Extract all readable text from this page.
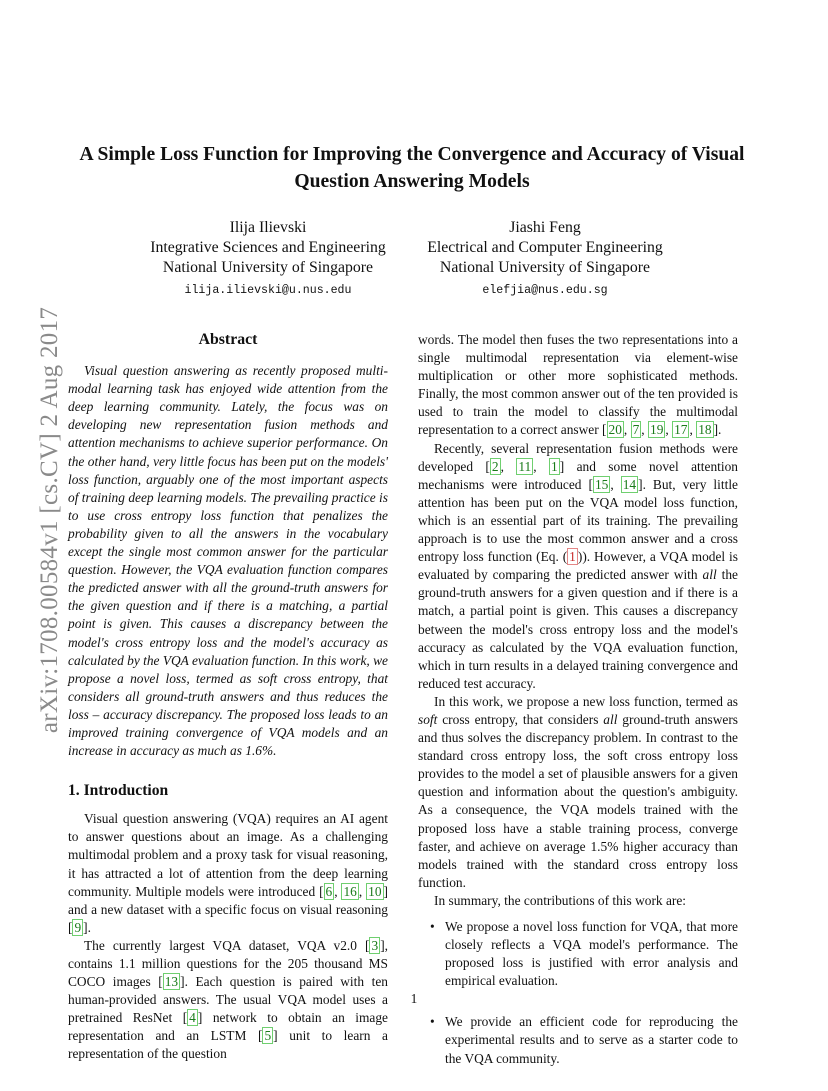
arXiv:1708.00584v1 [cs.CV] 2 Aug 2017
A Simple Loss Function for Improving the Convergence and Accuracy of Visual
Question Answering Models
Ilija Ilievski
Integrative Sciences and Engineering
National University of Singapore
ilija.ilievski@u.nus.edu
Jiashi Feng
Electrical and Computer Engineering
National University of Singapore
elefjia@nus.edu.sg
Abstract

Visual question answering as recently proposed multi-modal learning task has enjoyed wide attention from the deep learning community. Lately, the focus was on developing new representation fusion methods and attention mechanisms to achieve superior performance. On the other hand, very little focus has been put on the models' loss function, arguably one of the most important aspects of training deep learning models. The prevailing practice is to use cross entropy loss function that penalizes the probability given to all the answers in the vocabulary except the single most common answer for the particular question. However, the VQA evaluation function compares the predicted answer with all the ground-truth answers for the given question and if there is a matching, a partial point is given. This causes a discrepancy between the model's cross entropy loss and the model's accuracy as calculated by the VQA evaluation function. In this work, we propose a novel loss, termed as soft cross entropy, that considers all ground-truth answers and thus reduces the loss – accuracy discrepancy. The proposed loss leads to an improved training convergence of VQA models and an increase in accuracy as much as 1.6%.

1. Introduction

Visual question answering (VQA) requires an AI agent to answer questions about an image. As a challenging multimodal problem and a proxy task for visual reasoning, it has attracted a lot of attention from the deep learning community. Multiple models were introduced [ 6 , 16 , 10 ] and a new dataset with a specific focus on visual reasoning [ 9 ].

The currently largest VQA dataset, VQA v2.0 [ 3 ], contains 1.1 million questions for the 205 thousand MS COCO images [ 13 ]. Each question is paired with ten human-provided answers. The usual VQA model uses a pretrained ResNet [ 4 ] network to obtain an image representation and an LSTM [ 5 ] unit to learn a representation of the question

words. The model then fuses the two representations into a single multimodal representation via element-wise multiplication or other more sophisticated methods. Finally, the most common answer out of the ten provided is used to train the model to classify the multimodal representation to a correct answer [ 20 , 7 , 19 , 17 , 18 ].

Recently, several representation fusion methods were developed [ 2 , 11 , 1 ] and some novel attention mechanisms were introduced [ 15 , 14 ]. But, very little attention has been put on the VQA model loss function, which is an essential part of its training. The prevailing approach is to use the most common answer and a cross entropy loss function (Eq. ( 1 )). However, a VQA model is evaluated by comparing the predicted answer with all the ground-truth answers for a given question and if there is a match, a partial point is given. This causes a discrepancy between the model's cross entropy loss and the model's accuracy as calculated by the VQA evaluation function, which in turn results in a delayed training convergence and reduced test accuracy.

In this work, we propose a new loss function, termed as soft cross entropy, that considers all ground-truth answers and thus solves the discrepancy problem. In contrast to the standard cross entropy loss, the soft cross entropy loss provides to the model a set of plausible answers for a given question and information about the question's ambiguity. As a consequence, the VQA models trained with the proposed loss have a stable training process, converge faster, and achieve on average 1.5% higher accuracy than models trained with the standard cross entropy loss function.

In summary, the contributions of this work are:

• We propose a novel loss function for VQA, that more closely reflects a VQA model's performance. The proposed loss is justified with error analysis and empirical evaluation.
• We provide an efficient code for reproducing the experimental results and to serve as a starter code to the VQA community.
1
